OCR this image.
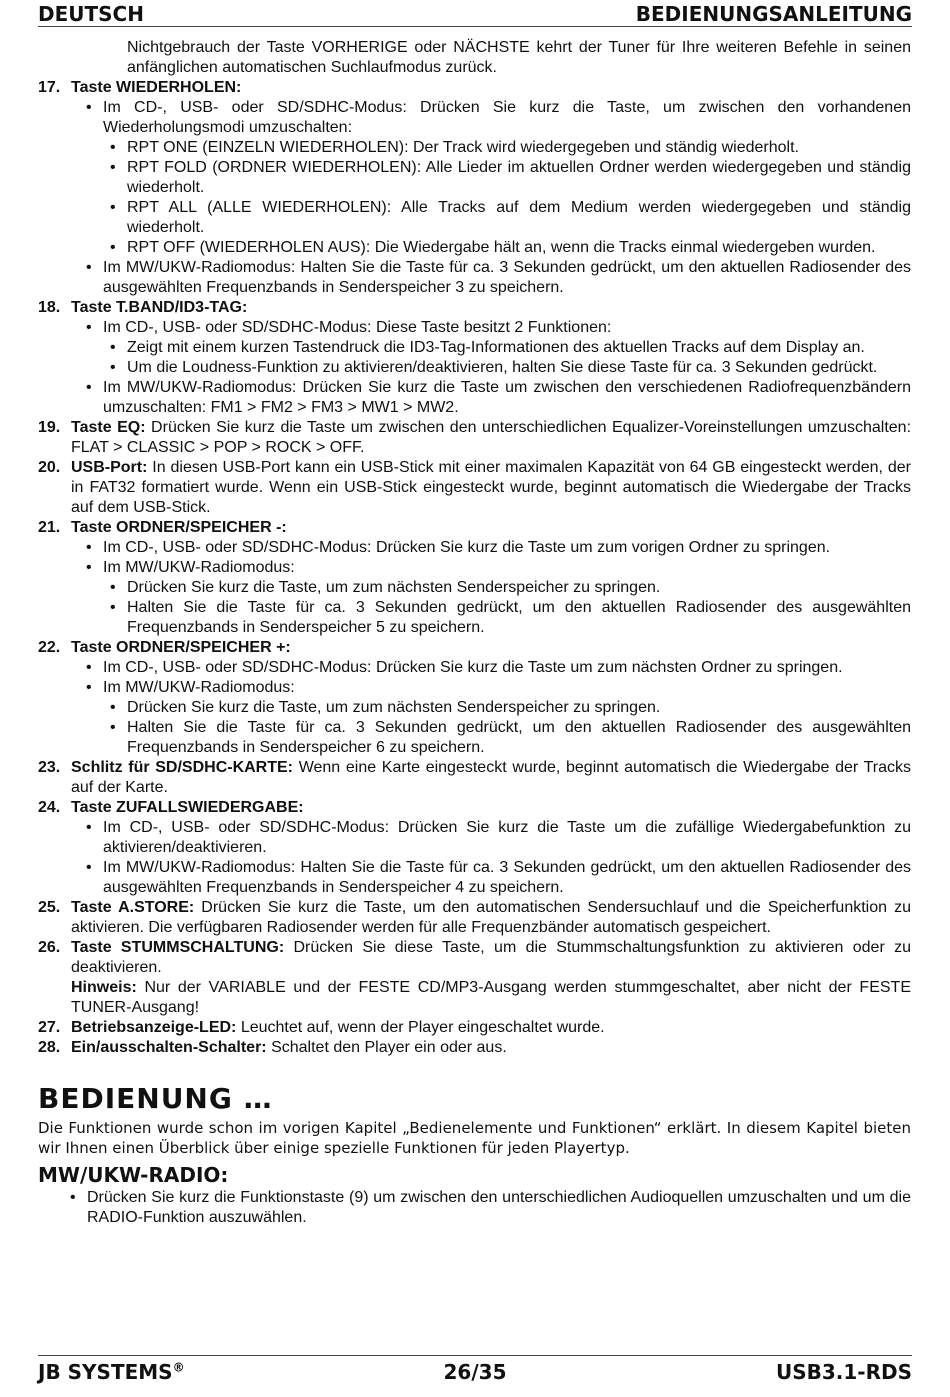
DEUTSCH	BEDIENUNGSANLEITUNG

Nichtgebrauch der Taste VORHERIGE oder NÄCHSTE kehrt der Tuner für Ihre weiteren Befehle in seinen anfänglichen automatischen Suchlaufmodus zurück.

17. Taste WIEDERHOLEN:
• Im CD-, USB- oder SD/SDHC-Modus: Drücken Sie kurz die Taste, um zwischen den vorhandenen Wiederholungsmodi umzuschalten:
• RPT ONE (EINZELN WIEDERHOLEN): Der Track wird wiedergegeben und ständig wiederholt.
• RPT FOLD (ORDNER WIEDERHOLEN): Alle Lieder im aktuellen Ordner werden wiedergegeben und ständig wiederholt.
• RPT ALL (ALLE WIEDERHOLEN): Alle Tracks auf dem Medium werden wiedergegeben und ständig wiederholt.
• RPT OFF (WIEDERHOLEN AUS): Die Wiedergabe hält an, wenn die Tracks einmal wiedergeben wurden.
• Im MW/UKW-Radiomodus: Halten Sie die Taste für ca. 3 Sekunden gedrückt, um den aktuellen Radiosender des ausgewählten Frequenzbands in Senderspeicher 3 zu speichern.
18. Taste T.BAND/ID3-TAG:
• Im CD-, USB- oder SD/SDHC-Modus: Diese Taste besitzt 2 Funktionen:
• Zeigt mit einem kurzen Tastendruck die ID3-Tag-Informationen des aktuellen Tracks auf dem Display an.
• Um die Loudness-Funktion zu aktivieren/deaktivieren, halten Sie diese Taste für ca. 3 Sekunden gedrückt.
• Im MW/UKW-Radiomodus: Drücken Sie kurz die Taste um zwischen den verschiedenen Radiofrequenzbändern umzuschalten: FM1 > FM2 > FM3 > MW1 > MW2.
19. Taste EQ: Drücken Sie kurz die Taste um zwischen den unterschiedlichen Equalizer-Voreinstellungen umzuschalten: FLAT > CLASSIC > POP > ROCK > OFF.
20. USB-Port: In diesen USB-Port kann ein USB-Stick mit einer maximalen Kapazität von 64 GB eingesteckt werden, der in FAT32 formatiert wurde. Wenn ein USB-Stick eingesteckt wurde, beginnt automatisch die Wiedergabe der Tracks auf dem USB-Stick.
21. Taste ORDNER/SPEICHER -:
• Im CD-, USB- oder SD/SDHC-Modus: Drücken Sie kurz die Taste um zum vorigen Ordner zu springen.
• Im MW/UKW-Radiomodus:
• Drücken Sie kurz die Taste, um zum nächsten Senderspeicher zu springen.
• Halten Sie die Taste für ca. 3 Sekunden gedrückt, um den aktuellen Radiosender des ausgewählten Frequenzbands in Senderspeicher 5 zu speichern.
22. Taste ORDNER/SPEICHER +:
• Im CD-, USB- oder SD/SDHC-Modus: Drücken Sie kurz die Taste um zum nächsten Ordner zu springen.
• Im MW/UKW-Radiomodus:
• Drücken Sie kurz die Taste, um zum nächsten Senderspeicher zu springen.
• Halten Sie die Taste für ca. 3 Sekunden gedrückt, um den aktuellen Radiosender des ausgewählten Frequenzbands in Senderspeicher 6 zu speichern.
23. Schlitz für SD/SDHC-KARTE: Wenn eine Karte eingesteckt wurde, beginnt automatisch die Wiedergabe der Tracks auf der Karte.
24. Taste ZUFALLSWIEDERGABE:
• Im CD-, USB- oder SD/SDHC-Modus: Drücken Sie kurz die Taste um die zufällige Wiedergabefunktion zu aktivieren/deaktivieren.
• Im MW/UKW-Radiomodus: Halten Sie die Taste für ca. 3 Sekunden gedrückt, um den aktuellen Radiosender des ausgewählten Frequenzbands in Senderspeicher 4 zu speichern.
25. Taste A.STORE: Drücken Sie kurz die Taste, um den automatischen Sendersuchlauf und die Speicherfunktion zu aktivieren. Die verfügbaren Radiosender werden für alle Frequenzbänder automatisch gespeichert.
26. Taste STUMMSCHALTUNG: Drücken Sie diese Taste, um die Stummschaltungsfunktion zu aktivieren oder zu deaktivieren.
Hinweis: Nur der VARIABLE und der FESTE CD/MP3-Ausgang werden stummgeschaltet, aber nicht der FESTE TUNER-Ausgang!
27. Betriebsanzeige-LED: Leuchtet auf, wenn der Player eingeschaltet wurde.
28. Ein/ausschalten-Schalter: Schaltet den Player ein oder aus.
BEDIENUNG …
Die Funktionen wurde schon im vorigen Kapitel „Bedienelemente und Funktionen“ erklärt. In diesem Kapitel bieten wir Ihnen einen Überblick über einige spezielle Funktionen für jeden Playertyp.
MW/UKW-RADIO:
• Drücken Sie kurz die Funktionstaste (9) um zwischen den unterschiedlichen Audioquellen umzuschalten und um die RADIO-Funktion auszuwählen.
JB SYSTEMS®	26/35	USB3.1-RDS
